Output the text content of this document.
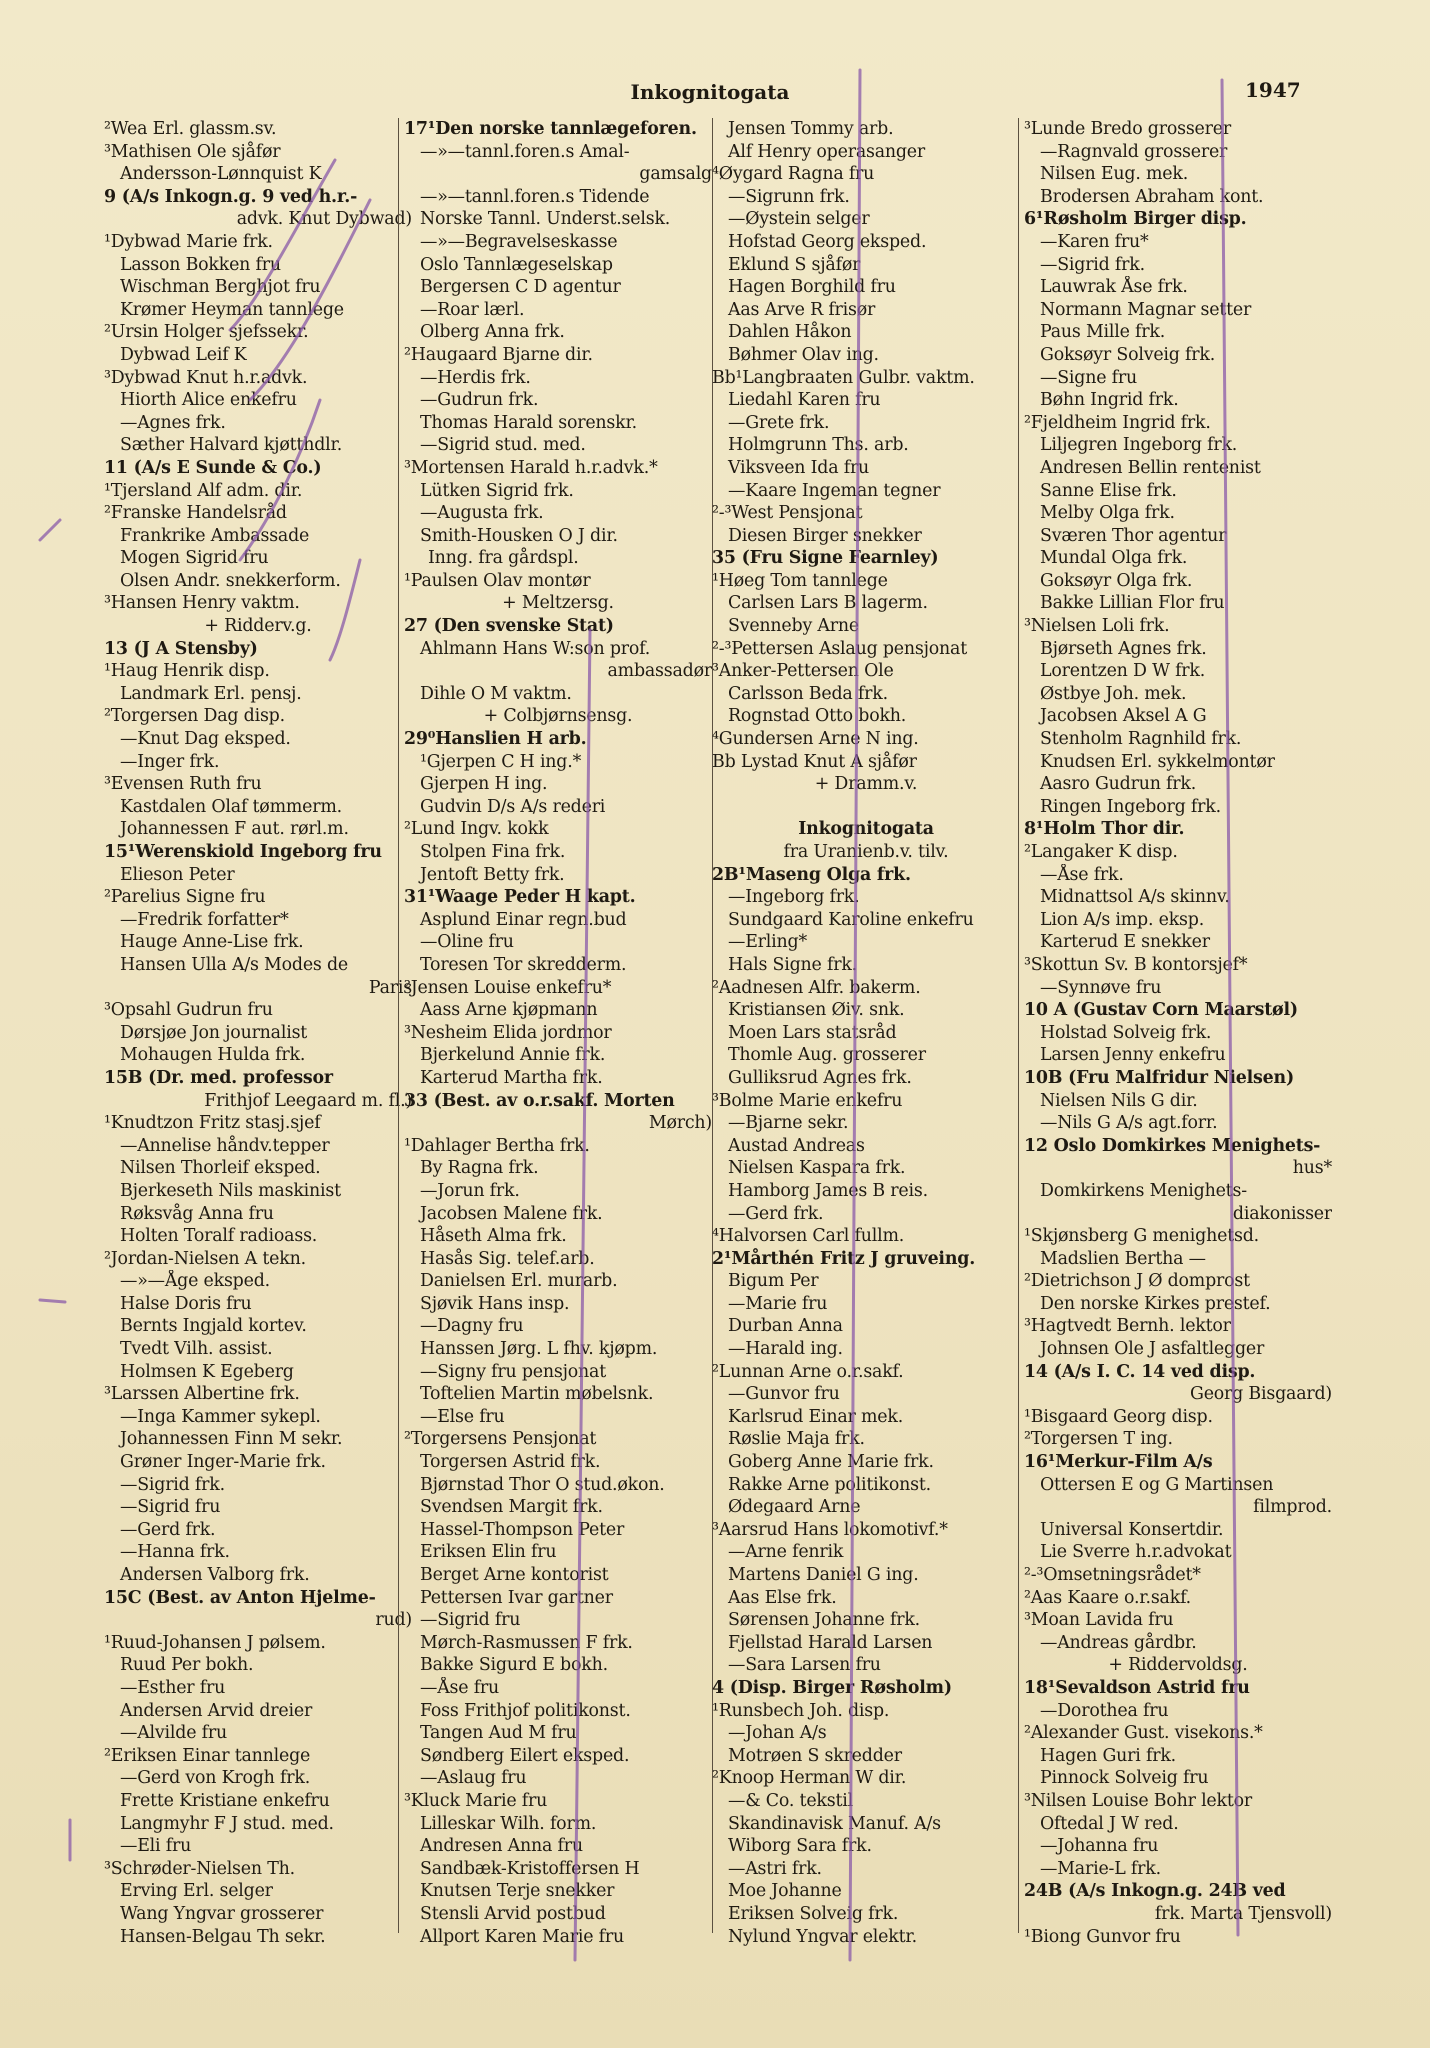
Inkognitogata	1947
²Wea Erl. glassm.sv.
³Mathisen Ole sjåfør
Andersson-Lønnquist K
9 (A/s Inkogn.g. 9 ved h.r.-
advk. Knut Dybwad)
¹Dybwad Marie frk.
Lasson Bokken fru
Wischman Berghjot fru
Krømer Heyman tannlege
²Ursin Holger sjefssekr.
Dybwad Leif K
³Dybwad Knut h.r.advk.
Hiorth Alice enkefru
—Agnes frk.
Sæther Halvard kjøtthdlr.
11 (A/s E Sunde & Co.)
¹Tjersland Alf adm. dir.
²Franske Handelsråd
Frankrike Ambassade
Mogen Sigrid fru
Olsen Andr. snekkerform.
³Hansen Henry vaktm.
+ Ridderv.g.
13 (J A Stensby)
¹Haug Henrik disp.
Landmark Erl. pensj.
²Torgersen Dag disp.
—Knut Dag eksped.
—Inger frk.
³Evensen Ruth fru
Kastdalen Olaf tømmerm.
Johannessen F aut. rørl.m.
15¹Werenskiold Ingeborg fru
Elieson Peter
²Parelius Signe fru
—Fredrik forfatter*
Hauge Anne-Lise frk.
Hansen Ulla A/s Modes de
Paris
³Opsahl Gudrun fru
Dørsjøe Jon journalist
Mohaugen Hulda frk.
15B (Dr. med. professor
Frithjof Leegaard m. fl.)
¹Knudtzon Fritz stasj.sjef
—Annelise håndv.tepper
Nilsen Thorleif eksped.
Bjerkeseth Nils maskinist
Røksvåg Anna fru
Holten Toralf radioass.
²Jordan-Nielsen A tekn.
—»—Åge eksped.
Halse Doris fru
Bernts Ingjald kortev.
Tvedt Vilh. assist.
Holmsen K Egeberg
³Larssen Albertine frk.
—Inga Kammer sykepl.
Johannessen Finn M sekr.
Grøner Inger-Marie frk.
—Sigrid frk.
—Sigrid fru
—Gerd frk.
—Hanna frk.
Andersen Valborg frk.
15C (Best. av Anton Hjelme-
rud)
¹Ruud-Johansen J pølsem.
Ruud Per bokh.
—Esther fru
Andersen Arvid dreier
—Alvilde fru
²Eriksen Einar tannlege
—Gerd von Krogh frk.
Frette Kristiane enkefru
Langmyhr F J stud. med.
—Eli fru
³Schrøder-Nielsen Th.
Erving Erl. selger
Wang Yngvar grosserer
Hansen-Belgau Th sekr.
17¹Den norske tannlægeforen.
—»—tannl.foren.s Amal-
gamsalg
—»—tannl.foren.s Tidende
Norske Tannl. Underst.selsk.
—»—Begravelseskasse
Oslo Tannlægeselskap
Bergersen C D agentur
—Roar lærl.
Olberg Anna frk.
²Haugaard Bjarne dir.
—Herdis frk.
—Gudrun frk.
Thomas Harald sorenskr.
—Sigrid stud. med.
³Mortensen Harald h.r.advk.*
Lütken Sigrid frk.
—Augusta frk.
Smith-Housken O J dir.
Inng. fra gårdspl.
¹Paulsen Olav montør
+ Meltzersg.
27 (Den svenske Stat)
Ahlmann Hans W:son prof.
ambassadør
Dihle O M vaktm.
+ Colbjørnsensg.
29⁰Hanslien H arb.
¹Gjerpen C H ing.*
Gjerpen H ing.
Gudvin D/s A/s rederi
²Lund Ingv. kokk
Stolpen Fina frk.
Jentoft Betty frk.
31¹Waage Peder H kapt.
Asplund Einar regn.bud
—Oline fru
Toresen Tor skredderm.
²Jensen Louise enkefru*
Aass Arne kjøpmann
³Nesheim Elida jordmor
Bjerkelund Annie frk.
Karterud Martha frk.
33 (Best. av o.r.sakf. Morten
Mørch)
¹Dahlager Bertha frk.
By Ragna frk.
—Jorun frk.
Jacobsen Malene frk.
Håseth Alma frk.
Hasås Sig. telef.arb.
Danielsen Erl. murarb.
Sjøvik Hans insp.
—Dagny fru
Hanssen Jørg. L fhv. kjøpm.
—Signy fru pensjonat
Toftelien Martin møbelsnk.
—Else fru
²Torgersens Pensjonat
Torgersen Astrid frk.
Bjørnstad Thor O stud.økon.
Svendsen Margit frk.
Hassel-Thompson Peter
Eriksen Elin fru
Berget Arne kontorist
Pettersen Ivar gartner
—Sigrid fru
Mørch-Rasmussen F frk.
Bakke Sigurd E bokh.
—Åse fru
Foss Frithjof politikonst.
Tangen Aud M fru
Søndberg Eilert eksped.
—Aslaug fru
³Kluck Marie fru
Lilleskar Wilh. form.
Andresen Anna fru
Sandbæk-Kristoffersen H
Knutsen Terje snekker
Stensli Arvid postbud
Allport Karen Marie fru
Jensen Tommy arb.
Alf Henry operasanger
⁴Øygard Ragna fru
—Sigrunn frk.
—Øystein selger
Hofstad Georg eksped.
Eklund S sjåfør
Hagen Borghild fru
Aas Arve R frisør
Dahlen Håkon
Bøhmer Olav ing.
Bb¹Langbraaten Gulbr. vaktm.
Liedahl Karen fru
—Grete frk.
Holmgrunn Ths. arb.
Viksveen Ida fru
—Kaare Ingeman tegner
²-³West Pensjonat
Diesen Birger snekker
35 (Fru Signe Fearnley)
¹Høeg Tom tannlege
Carlsen Lars B lagerm.
Svenneby Arne
²-³Pettersen Aslaug pensjonat
³Anker-Pettersen Ole
Carlsson Beda frk.
Rognstad Otto bokh.
⁴Gundersen Arne N ing.
Bb Lystad Knut A sjåfør
+ Dramm.v.
Inkognitogata
fra Uranienb.v. tilv.
2B¹Maseng Olga frk.
—Ingeborg frk.
Sundgaard Karoline enkefru
—Erling*
Hals Signe frk.
²Aadnesen Alfr. bakerm.
Kristiansen Øiv. snk.
Moen Lars statsråd
Thomle Aug. grosserer
Gulliksrud Agnes frk.
³Bolme Marie enkefru
—Bjarne sekr.
Austad Andreas
Nielsen Kaspara frk.
Hamborg James B reis.
—Gerd frk.
⁴Halvorsen Carl fullm.
2¹Mårthén Fritz J gruveing.
Bigum Per
—Marie fru
Durban Anna
—Harald ing.
²Lunnan Arne o.r.sakf.
—Gunvor fru
Karlsrud Einar mek.
Røslie Maja frk.
Goberg Anne Marie frk.
Rakke Arne politikonst.
Ødegaard Arne
³Aarsrud Hans lokomotivf.*
—Arne fenrik
Martens Daniel G ing.
Aas Else frk.
Sørensen Johanne frk.
Fjellstad Harald Larsen
—Sara Larsen fru
4 (Disp. Birger Røsholm)
¹Runsbech Joh. disp.
—Johan A/s
Motrøen S skredder
²Knoop Herman W dir.
—& Co. tekstil
Skandinavisk Manuf. A/s
Wiborg Sara frk.
—Astri frk.
Moe Johanne
Eriksen Solveig frk.
Nylund Yngvar elektr.
³Lunde Bredo grosserer
—Ragnvald grosserer
Nilsen Eug. mek.
Brodersen Abraham kont.
6¹Røsholm Birger disp.
—Karen fru*
—Sigrid frk.
Lauwrak Åse frk.
Normann Magnar setter
Paus Mille frk.
Goksøyr Solveig frk.
—Signe fru
Bøhn Ingrid frk.
²Fjeldheim Ingrid frk.
Liljegren Ingeborg frk.
Andresen Bellin rentenist
Sanne Elise frk.
Melby Olga frk.
Sværen Thor agentur
Mundal Olga frk.
Goksøyr Olga frk.
Bakke Lillian Flor fru
³Nielsen Loli frk.
Bjørseth Agnes frk.
Lorentzen D W frk.
Østbye Joh. mek.
Jacobsen Aksel A G
Stenholm Ragnhild frk.
Knudsen Erl. sykkelmontør
Aasro Gudrun frk.
Ringen Ingeborg frk.
8¹Holm Thor dir.
²Langaker K disp.
—Åse frk.
Midnattsol A/s skinnv.
Lion A/s imp. eksp.
Karterud E snekker
³Skottun Sv. B kontorsjef*
—Synnøve fru
10 A (Gustav Corn Maarstøl)
Holstad Solveig frk.
Larsen Jenny enkefru
10B (Fru Malfridur Nielsen)
Nielsen Nils G dir.
—Nils G A/s agt.forr.
12 Oslo Domkirkes Menighets-
hus*
Domkirkens Menighets-
diakonisser
¹Skjønsberg G menighetsd.
Madslien Bertha —
²Dietrichson J Ø domprost
Den norske Kirkes prestef.
³Hagtvedt Bernh. lektor
Johnsen Ole J asfaltlegger
14 (A/s I. C. 14 ved disp.
Georg Bisgaard)
¹Bisgaard Georg disp.
²Torgersen T ing.
16¹Merkur-Film A/s
Ottersen E og G Martinsen
filmprod.
Universal Konsertdir.
Lie Sverre h.r.advokat
²-³Omsetningsrådet*
²Aas Kaare o.r.sakf.
³Moan Lavida fru
—Andreas gårdbr.
+ Riddervoldsg.
18¹Sevaldson Astrid fru
—Dorothea fru
²Alexander Gust. visekons.*
Hagen Guri frk.
Pinnock Solveig fru
³Nilsen Louise Bohr lektor
Oftedal J W red.
—Johanna fru
—Marie-L frk.
24B (A/s Inkogn.g. 24B ved
frk. Marta Tjensvoll)
¹Biong Gunvor fru
